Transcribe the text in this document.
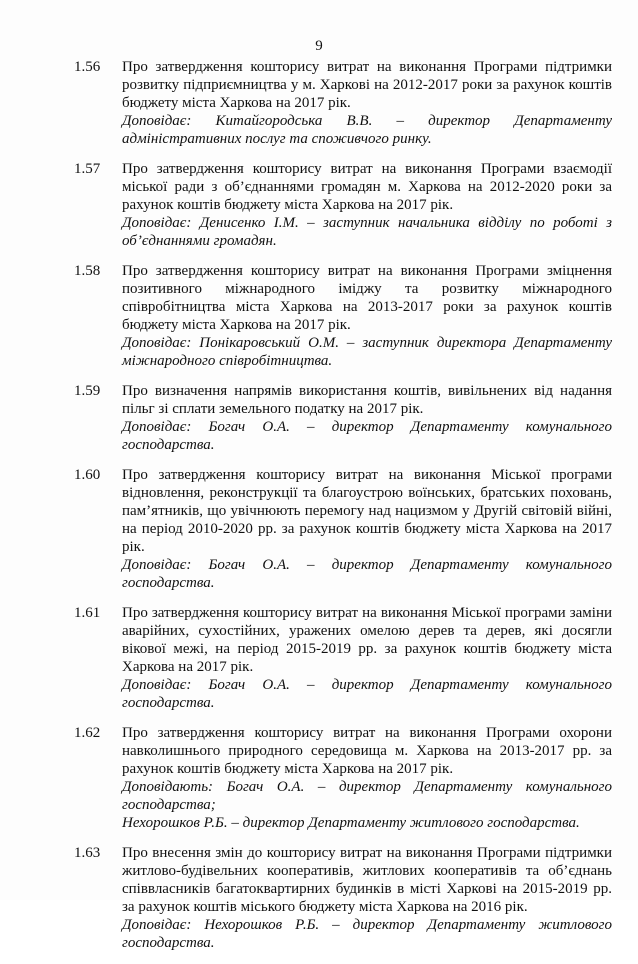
9
1.56 Про затвердження кошторису витрат на виконання Програми підтримки розвитку підприємництва у м. Харкові на 2012-2017 роки за рахунок коштів бюджету міста Харкова на 2017 рік.

Доповідає: Китайгородська В.В. – директор Департаменту адміністративних послуг та споживчого ринку.

1.57 Про затвердження кошторису витрат на виконання Програми взаємодії міської ради з об’єднаннями громадян м. Харкова на 2012-2020 роки за рахунок коштів бюджету міста Харкова на 2017 рік.

Доповідає: Денисенко І.М. – заступник начальника відділу по роботі з об’єднаннями громадян.

1.58 Про затвердження кошторису витрат на виконання Програми зміцнення позитивного міжнародного іміджу та розвитку міжнародного співробітництва міста Харкова на 2013-2017 роки за рахунок коштів бюджету міста Харкова на 2017 рік.

Доповідає: Понікаровський О.М. – заступник директора Департаменту міжнародного співробітництва.

1.59 Про визначення напрямів використання коштів, вивільнених від надання пільг зі сплати земельного податку на 2017 рік.

Доповідає: Богач О.А. – директор Департаменту комунального господарства.

1.60 Про затвердження кошторису витрат на виконання Міської програми відновлення, реконструкції та благоустрою воїнських, братських поховань, пам’ятників, що увічнюють перемогу над нацизмом у Другій світовій війні, на період 2010-2020 рр. за рахунок коштів бюджету міста Харкова на 2017 рік.

Доповідає: Богач О.А. – директор Департаменту комунального господарства.

1.61 Про затвердження кошторису витрат на виконання Міської програми заміни аварійних, сухостійних, уражених омелою дерев та дерев, які досягли вікової межі, на період 2015-2019 рр. за рахунок коштів бюджету міста Харкова на 2017 рік.

Доповідає: Богач О.А. – директор Департаменту комунального господарства.

1.62 Про затвердження кошторису витрат на виконання Програми охорони навколишнього природного середовища м. Харкова на 2013-2017 рр. за рахунок коштів бюджету міста Харкова на 2017 рік.

Доповідають: Богач О.А. – директор Департаменту комунального господарства;

Нехорошков Р.Б. – директор Департаменту житлового господарства.

1.63 Про внесення змін до кошторису витрат на виконання Програми підтримки житлово-будівельних кооперативів, житлових кооперативів та об’єднань співвласників багатоквартирних будинків в місті Харкові на 2015-2019 рр. за рахунок коштів міського бюджету міста Харкова на 2016 рік.

Доповідає: Нехорошков Р.Б. – директор Департаменту житлового господарства.
